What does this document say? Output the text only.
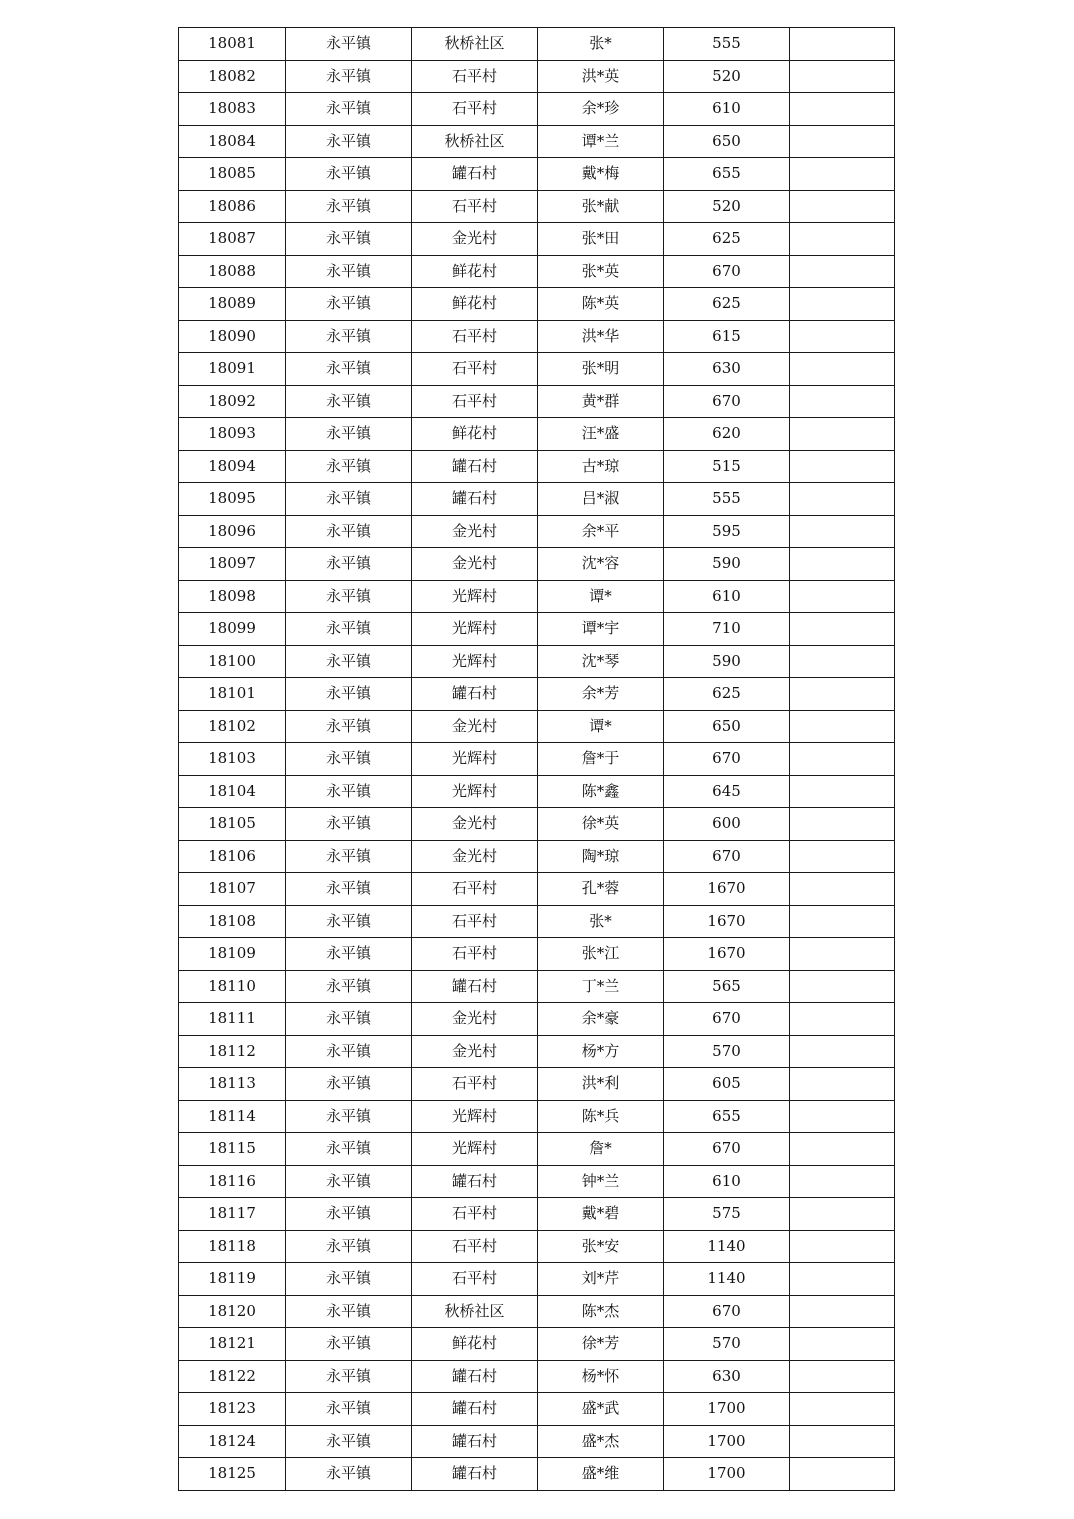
18081	永平镇	秋桥社区	张*	555	
18082	永平镇	石平村	洪*英	520	
18083	永平镇	石平村	余*珍	610	
18084	永平镇	秋桥社区	谭*兰	650	
18085	永平镇	罐石村	戴*梅	655	
18086	永平镇	石平村	张*献	520	
18087	永平镇	金光村	张*田	625	
18088	永平镇	鲜花村	张*英	670	
18089	永平镇	鲜花村	陈*英	625	
18090	永平镇	石平村	洪*华	615	
18091	永平镇	石平村	张*明	630	
18092	永平镇	石平村	黄*群	670	
18093	永平镇	鲜花村	汪*盛	620	
18094	永平镇	罐石村	古*琼	515	
18095	永平镇	罐石村	吕*淑	555	
18096	永平镇	金光村	余*平	595	
18097	永平镇	金光村	沈*容	590	
18098	永平镇	光辉村	谭*	610	
18099	永平镇	光辉村	谭*宇	710	
18100	永平镇	光辉村	沈*琴	590	
18101	永平镇	罐石村	余*芳	625	
18102	永平镇	金光村	谭*	650	
18103	永平镇	光辉村	詹*于	670	
18104	永平镇	光辉村	陈*鑫	645	
18105	永平镇	金光村	徐*英	600	
18106	永平镇	金光村	陶*琼	670	
18107	永平镇	石平村	孔*蓉	1670	
18108	永平镇	石平村	张*	1670	
18109	永平镇	石平村	张*江	1670	
18110	永平镇	罐石村	丁*兰	565	
18111	永平镇	金光村	余*豪	670	
18112	永平镇	金光村	杨*方	570	
18113	永平镇	石平村	洪*利	605	
18114	永平镇	光辉村	陈*兵	655	
18115	永平镇	光辉村	詹*	670	
18116	永平镇	罐石村	钟*兰	610	
18117	永平镇	石平村	戴*碧	575	
18118	永平镇	石平村	张*安	1140	
18119	永平镇	石平村	刘*芹	1140	
18120	永平镇	秋桥社区	陈*杰	670	
18121	永平镇	鲜花村	徐*芳	570	
18122	永平镇	罐石村	杨*怀	630	
18123	永平镇	罐石村	盛*武	1700	
18124	永平镇	罐石村	盛*杰	1700	
18125	永平镇	罐石村	盛*维	1700	
